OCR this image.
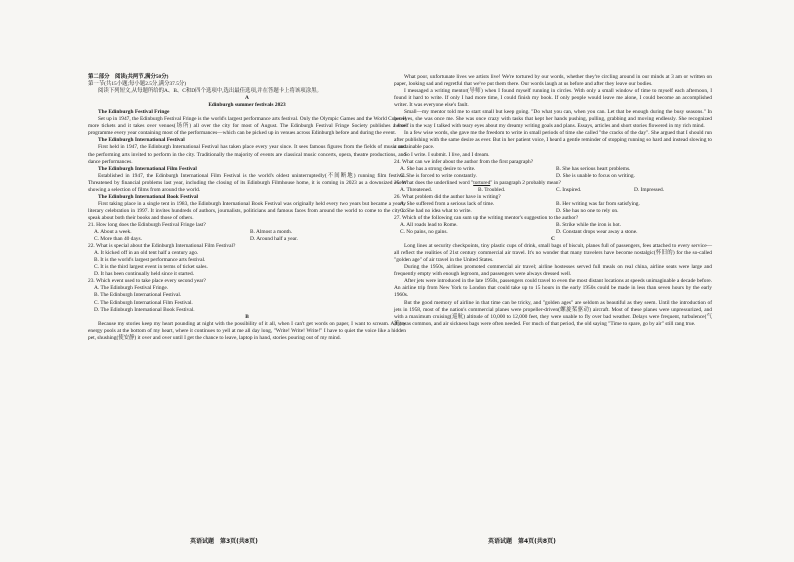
第二部分　阅读(共两节,满分50分)

第一节(共15小题;每小题2.5分,满分37.5分)

阅读下列短文,从每题所给的A、B、C和D四个选项中,选出最佳选项,并在答题卡上将该项涂黑。

A

Edinburgh summer festivals 2023

The Edinburgh Festival Fringe

Set up in 1947, the Edinburgh Festival Fringe is the world's largest performance arts festival. Only the Olympic Games and the World Cup sell more tickets and it takes over venues(场所) all over the city for most of August. The Edinburgh Festival Fringe Society publishes a free programme every year containing most of the performances—which can be picked up in venues across Edinburgh before and during the event.

The Edinburgh International Festival

First held in 1947, the Edinburgh International Festival has taken place every year since. It sees famous figures from the fields of music and the performing arts invited to perform in the city. Traditionally the majority of events are classical music concerts, opera, theatre productions, and dance performances.

The Edinburgh International Film Festival

Established in 1947, the Edinburgh International Film Festival is the world's oldest uninterruptedly(不间断地) running film festival. Threatened by financial problems last year, including the closing of its Edinburgh Filmhouse home, it is coming in 2023 as a downsized event showing a selection of films from around the world.

The Edinburgh International Book Festival

First taking place in a single tent in 1983, the Edinburgh International Book Festival was originally held every two years but became a yearly literary celebration in 1997. It invites hundreds of authors, journalists, politicians and famous faces from around the world to come to the city to speak about both their books and those of others.

21. How long does the Edinburgh Festival Fringe last?

A. About a week.	B. Almost a month.
C. More than 40 days.	D. Around half a year.

22. What is special about the Edinburgh International Film Festival?

A. It kicked off in an old tent half a century ago.

B. It is the world's largest performance arts festival.

C. It is the third largest event in terms of ticket sales.

D. It has been continually held since it started.

23. Which event used to take place every second year?

A. The Edinburgh Festival Fringe.

B. The Edinburgh International Festival.

C. The Edinburgh International Film Festival.

D. The Edinburgh International Book Festival.

B

Because my stories keep my heart pounding at night with the possibility of it all, when I can't get words on paper, I want to scream. All my energy pools at the bottom of my heart, where it continues to yell at me all day long, "Write! Write! Write!" I have to quiet the voice like a hidden pet, shushing(使安静) it over and over until I get the chance to leave, laptop in hand, stories pouring out of my mind.

英语试题　第3页(共8页)

What poor, unfortunate lives we artists live! We're tortured by our words, whether they're circling around in our minds at 3 am or written on paper, looking sad and regretful that we've put them there. Our words laugh at us before and after they leave our bodies.

I messaged a writing mentor(导师) when I found myself running in circles. With only a small window of time to myself each afternoon, I found it hard to write. If only I had more time, I could finish my book. If only people would leave me alone, I could become an accomplished writer. It was everyone else's fault.

Small—my mentor told me to start small but keep going. "Do what you can, when you can. Let that be enough during the busy seasons." In her eyes, she was once me. She was once crazy with tasks that kept her hands pushing, pulling, grabbing and moving endlessly. She recognized herself in the way I talked with teary eyes about my dreamy writing goals and plans. Essays, articles and short stories flowered in my rich mind.

In a few wise words, she gave me the freedom to write in small periods of time she called "the cracks of the day". She argued that I should run after publishing with the same desire as ever. But in her patient voice, I heard a gentle reminder of stopping running so hard and instead slowing to a sustainable pace.

So I write. I submit. I live, and I dream.

24. What can we infer about the author from the first paragraph?

A. She has a strong desire to write.	B. She has serious heart problems.
C. She is forced to write constantly.	D. She is unable to focus on writing.

25. What does the underlined word "tortured" in paragraph 2 probably mean?

A. Threatened.	B. Troubled.	C. Inspired.	D. Impressed.

26. What problem did the author have in writing?

A. She suffered from a serious lack of time.	B. Her writing was far from satisfying.
C. She had no idea what to write.	D. She has no one to rely on.

27. Which of the following can sum up the writing mentor's suggestion to the author?

A. All roads lead to Rome.	B. Strike while the iron is hot.
C. No pains, no gains.	D. Constant drops wear away a stone.

C

Long lines at security checkpoints, tiny plastic cups of drink, small bags of biscuit, planes full of passengers, fees attached to every service—all reflect the realities of 21st century commercial air travel. It's no wonder that many travelers have become nostalgic(怀旧的) for the so-called "golden age" of air travel in the United States.

During the 1950s, airlines promoted commercial air travel; airline hostesses served full meals on real china, airline seats were large and frequently empty with enough legroom, and passengers were always dressed well.

After jets were introduced in the late 1950s, passengers could travel to even the most distant locations at speeds unimaginable a decade before. An airline trip from New York to London that could take up to 15 hours in the early 1950s could be made in less than seven hours by the early 1960s.

But the good memory of airline in that time can be tricky, and "golden ages" are seldom as beautiful as they seem. Until the introduction of jets in 1958, most of the nation's commercial planes were propeller-driven(螺旋桨驱动) aircraft. Most of these planes were unpressurized, and with a maximum cruising(巡航) altitude of 10,000 to 12,000 feet, they were unable to fly over bad weather. Delays were frequent, turbulence(气流) was common, and air sickness bags were often needed. For much of that period, the old saying "Time to spare, go by air" still rang true.

英语试题　第4页(共8页)
